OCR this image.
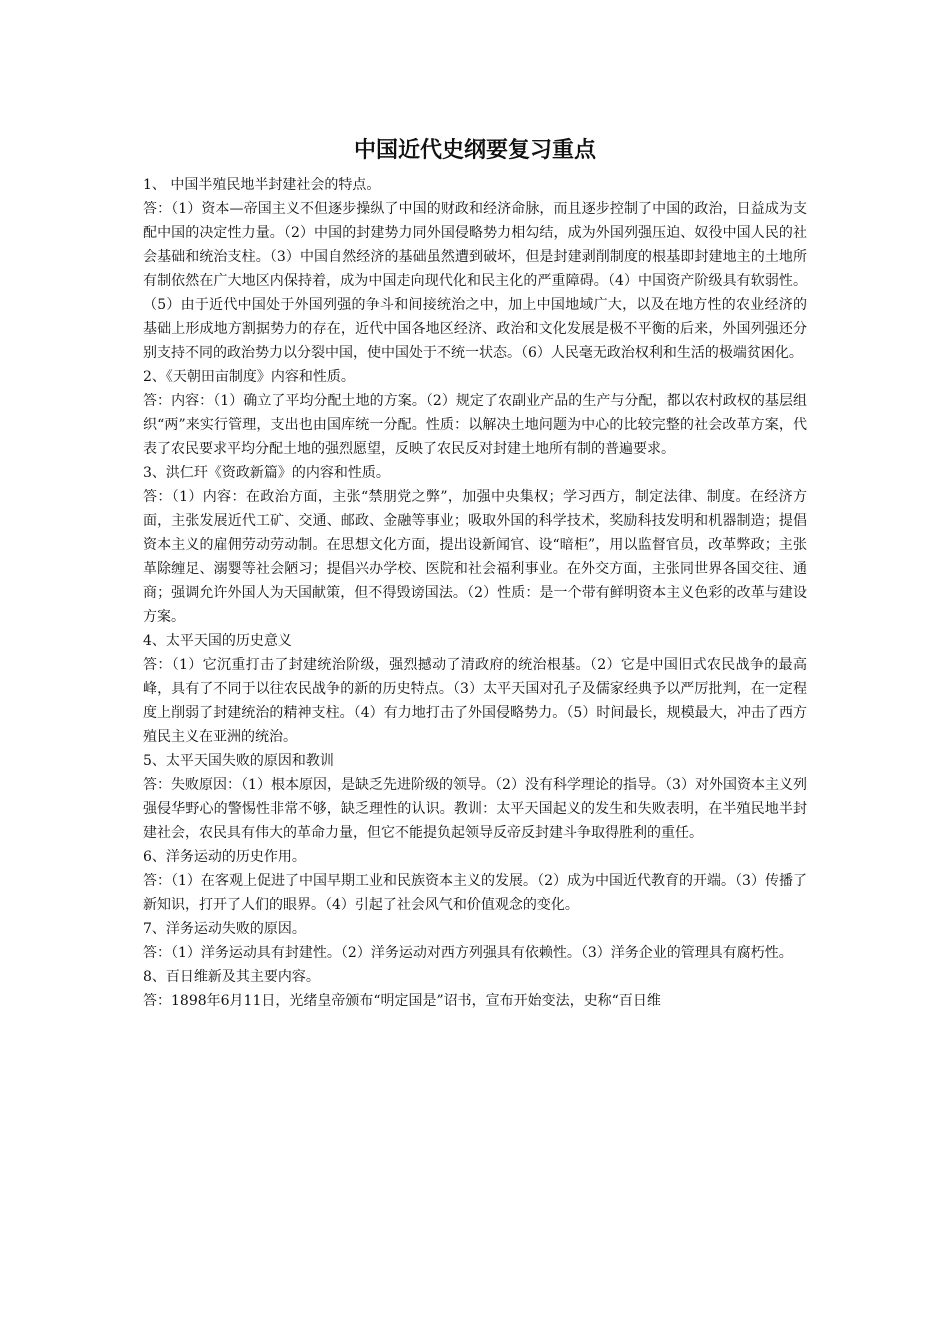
中国近代史纲要复习重点

1、 中国半殖民地半封建社会的特点。

答：（1）资本—帝国主义不但逐步操纵了中国的财政和经济命脉，而且逐步控制了中国的政治，日益成为支配中国的决定性力量。（2）中国的封建势力同外国侵略势力相勾结，成为外国列强压迫、奴役中国人民的社会基础和统治支柱。（3）中国自然经济的基础虽然遭到破坏，但是封建剥削制度的根基即封建地主的土地所有制依然在广大地区内保持着，成为中国走向现代化和民主化的严重障碍。（4）中国资产阶级具有软弱性。（5）由于近代中国处于外国列强的争斗和间接统治之中，加上中国地域广大，以及在地方性的农业经济的基础上形成地方割据势力的存在，近代中国各地区经济、政治和文化发展是极不平衡的后来，外国列强还分别支持不同的政治势力以分裂中国，使中国处于不统一状态。（6）人民毫无政治权利和生活的极端贫困化。

2、《天朝田亩制度》内容和性质。

答：内容：（1）确立了平均分配土地的方案。（2）规定了农副业产品的生产与分配，都以农村政权的基层组织“两”来实行管理，支出也由国库统一分配。性质：以解决土地问题为中心的比较完整的社会改革方案，代表了农民要求平均分配土地的强烈愿望，反映了农民反对封建土地所有制的普遍要求。

3、洪仁玕《资政新篇》的内容和性质。

答：（1）内容：在政治方面，主张“禁朋党之弊”，加强中央集权；学习西方，制定法律、制度。在经济方面，主张发展近代工矿、交通、邮政、金融等事业；吸取外国的科学技术，奖励科技发明和机器制造；提倡资本主义的雇佣劳动劳动制。在思想文化方面，提出设新闻官、设“暗柜”，用以监督官员，改革弊政；主张革除缠足、溺婴等社会陋习；提倡兴办学校、医院和社会福利事业。在外交方面，主张同世界各国交往、通商；强调允许外国人为天国献策，但不得毁谤国法。（2）性质：是一个带有鲜明资本主义色彩的改革与建设方案。

4、太平天国的历史意义

答：（1）它沉重打击了封建统治阶级，强烈撼动了清政府的统治根基。（2）它是中国旧式农民战争的最高峰，具有了不同于以往农民战争的新的历史特点。（3）太平天国对孔子及儒家经典予以严厉批判，在一定程度上削弱了封建统治的精神支柱。（4）有力地打击了外国侵略势力。（5）时间最长，规模最大，冲击了西方殖民主义在亚洲的统治。

5、太平天国失败的原因和教训

答：失败原因：（1）根本原因，是缺乏先进阶级的领导。（2）没有科学理论的指导。（3）对外国资本主义列强侵华野心的警惕性非常不够，缺乏理性的认识。教训：太平天国起义的发生和失败表明，在半殖民地半封建社会，农民具有伟大的革命力量，但它不能提负起领导反帝反封建斗争取得胜利的重任。

6、洋务运动的历史作用。

答：（1）在客观上促进了中国早期工业和民族资本主义的发展。（2）成为中国近代教育的开端。（3）传播了新知识，打开了人们的眼界。（4）引起了社会风气和价值观念的变化。

7、洋务运动失败的原因。

答：（1）洋务运动具有封建性。（2）洋务运动对西方列强具有依赖性。（3）洋务企业的管理具有腐朽性。

8、百日维新及其主要内容。

答：1898年6月11日，光绪皇帝颁布“明定国是”诏书，宣布开始变法，史称“百日维
